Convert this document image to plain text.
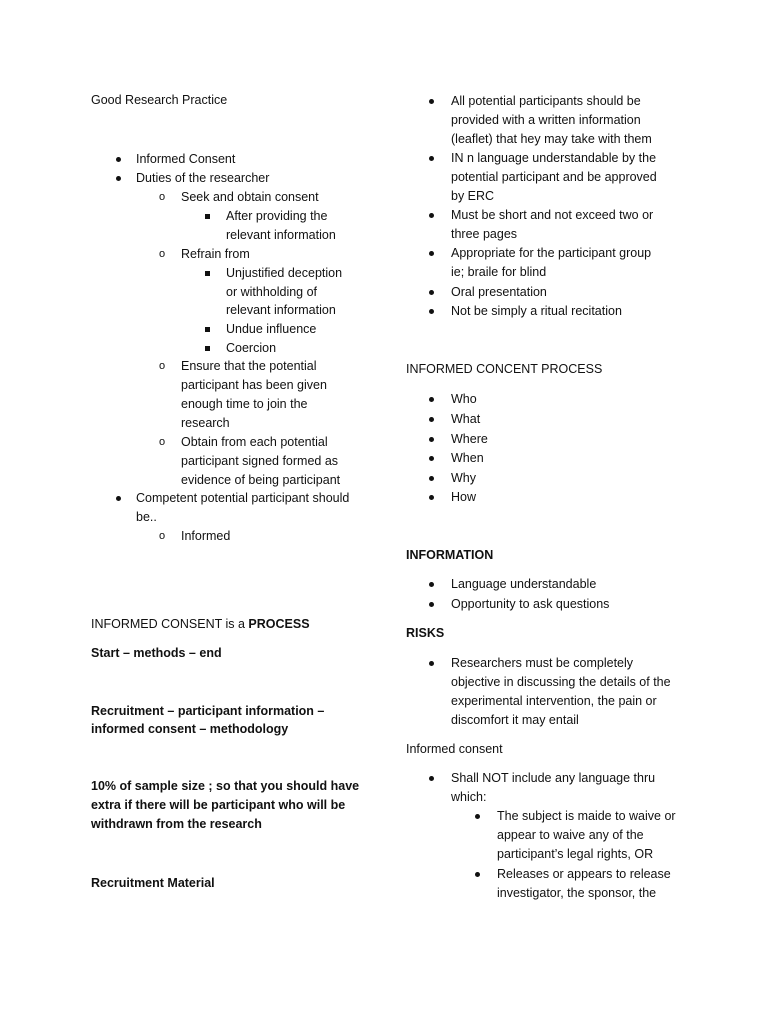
Good Research Practice
Informed Consent
Duties of the researcher
o Seek and obtain consent
After providing the
relevant information
o Refrain from
Unjustified deception
or withholding of
relevant information
Undue influence
Coercion
o Ensure that the potential
participant has been given
enough time to join the
research
o Obtain from each potential
participant signed formed as
evidence of being participant
Competent potential participant should
be..
o Informed
INFORMED CONSENT is a PROCESS
Start – methods – end
Recruitment – participant information –
informed consent – methodology
10% of sample size ; so that you should have
extra if there will be participant who will be
withdrawn from the research
Recruitment Material
All potential participants should be
provided with a written information
(leaflet) that hey may take with them
IN n language understandable by the
potential participant and be approved
by ERC
Must be short and not exceed two or
three pages
Appropriate for the participant group
ie; braile for blind
Oral presentation
Not be simply a ritual recitation
INFORMED CONCENT PROCESS
Who
What
Where
When
Why
How
INFORMATION
Language understandable
Opportunity to ask questions
RISKS
Researchers must be completely
objective in discussing the details of the
experimental intervention, the pain or
discomfort it may entail
Informed consent
Shall NOT include any language thru
which:
The subject is maide to waive or
appear to waive any of the
participant’s legal rights, OR
Releases or appears to release
investigator, the sponsor, the
